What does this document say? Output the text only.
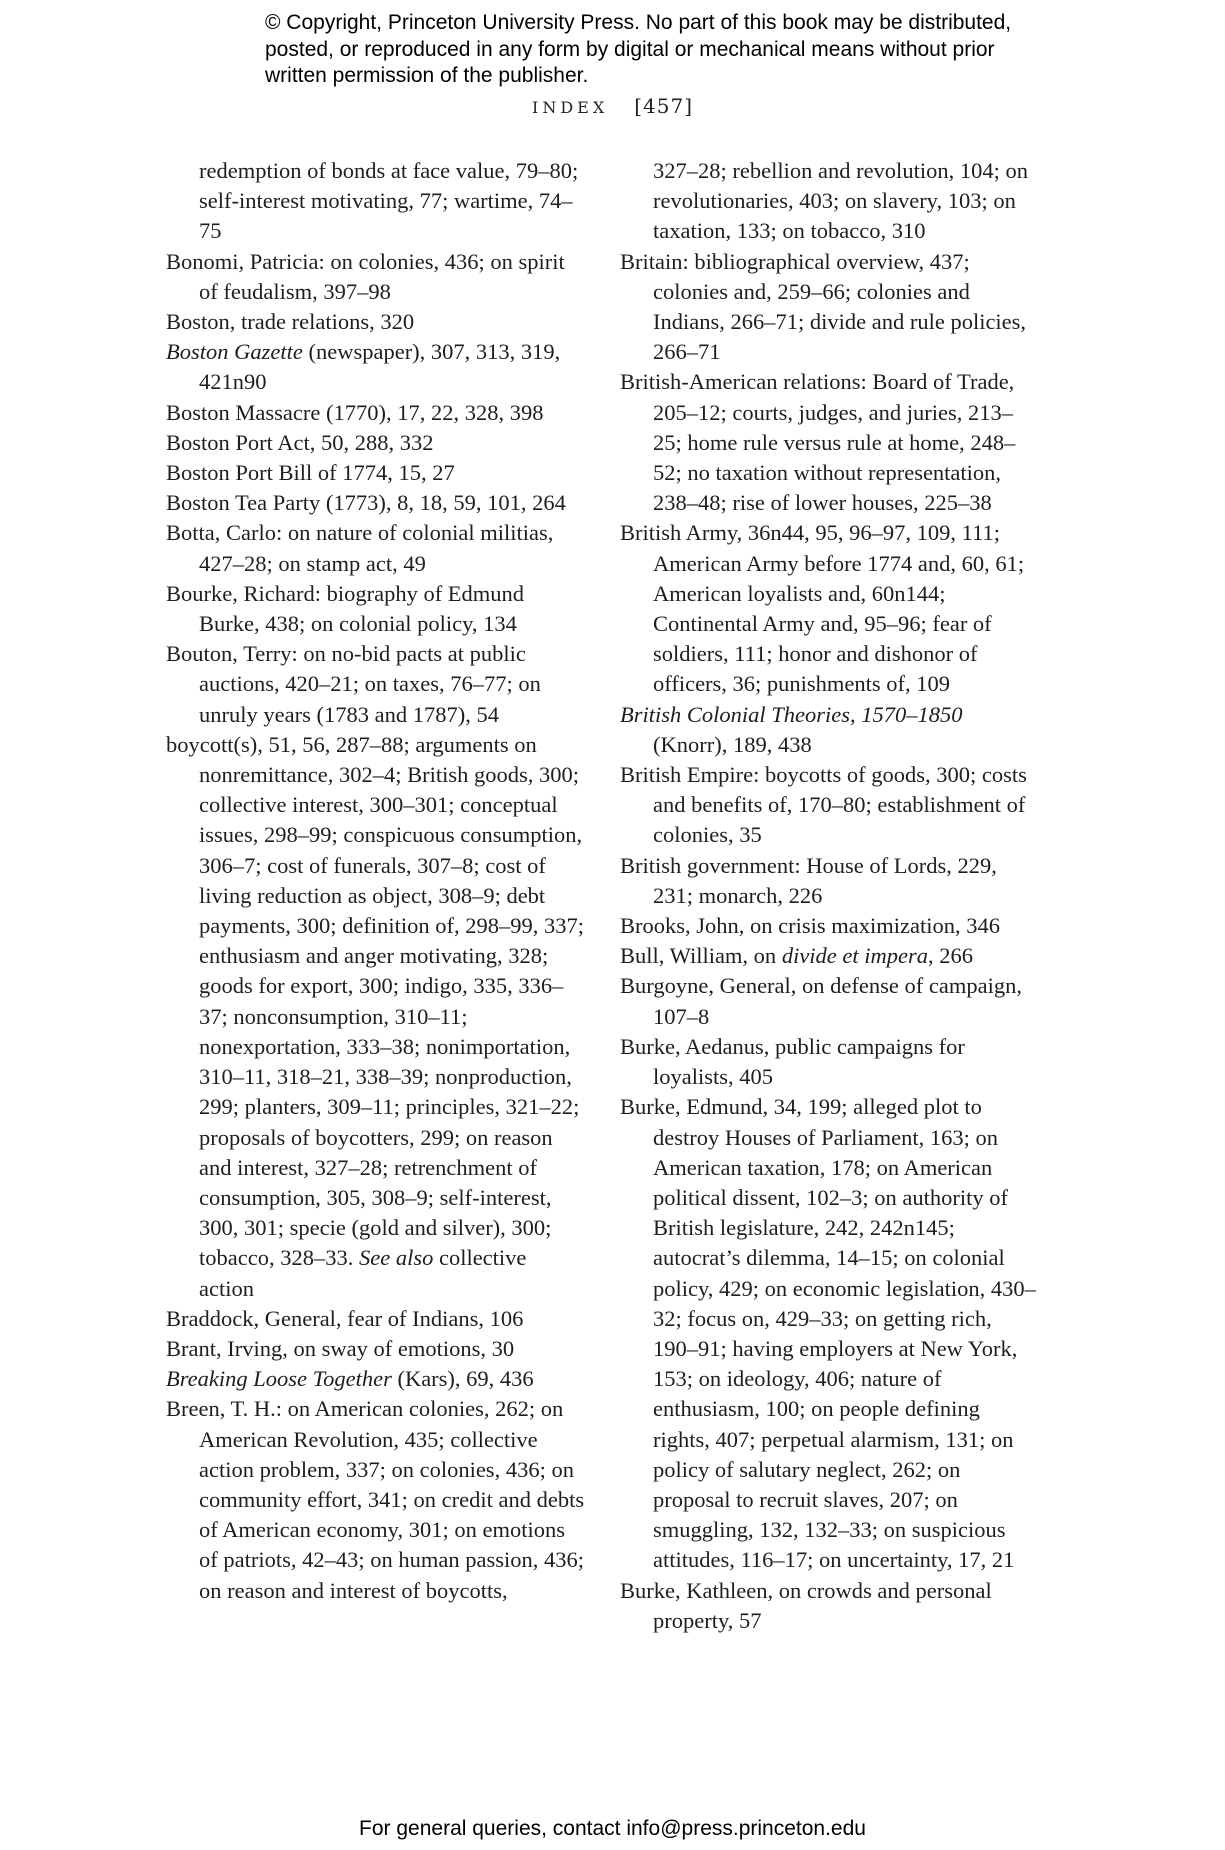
© Copyright, Princeton University Press. No part of this book may be distributed, posted, or reproduced in any form by digital or mechanical means without prior written permission of the publisher.
INDEX [457]

redemption of bonds at face value, 79–80; self-interest motivating, 77; wartime, 74–75

Bonomi, Patricia: on colonies, 436; on spirit of feudalism, 397–98

Boston, trade relations, 320

Boston Gazette (newspaper), 307, 313, 319, 421n90

Boston Massacre (1770), 17, 22, 328, 398

Boston Port Act, 50, 288, 332

Boston Port Bill of 1774, 15, 27

Boston Tea Party (1773), 8, 18, 59, 101, 264

Botta, Carlo: on nature of colonial militias, 427–28; on stamp act, 49

Bourke, Richard: biography of Edmund Burke, 438; on colonial policy, 134

Bouton, Terry: on no-bid pacts at public auctions, 420–21; on taxes, 76–77; on unruly years (1783 and 1787), 54

boycott(s), 51, 56, 287–88; arguments on nonremittance, 302–4; British goods, 300; collective interest, 300–301; conceptual issues, 298–99; conspicuous consumption, 306–7; cost of funerals, 307–8; cost of living reduction as object, 308–9; debt payments, 300; definition of, 298–99, 337; enthusiasm and anger motivating, 328; goods for export, 300; indigo, 335, 336–37; nonconsumption, 310–11; nonexportation, 333–38; nonimportation, 310–11, 318–21, 338–39; nonproduction, 299; planters, 309–11; principles, 321–22; proposals of boycotters, 299; on reason and interest, 327–28; retrenchment of consumption, 305, 308–9; self-interest, 300, 301; specie (gold and silver), 300; tobacco, 328–33. See also collective action

Braddock, General, fear of Indians, 106

Brant, Irving, on sway of emotions, 30

Breaking Loose Together (Kars), 69, 436

Breen, T. H.: on American colonies, 262; on American Revolution, 435; collective action problem, 337; on colonies, 436; on community effort, 341; on credit and debts of American economy, 301; on emotions of patriots, 42–43; on human passion, 436; on reason and interest of boycotts,

327–28; rebellion and revolution, 104; on revolutionaries, 403; on slavery, 103; on taxation, 133; on tobacco, 310

Britain: bibliographical overview, 437; colonies and, 259–66; colonies and Indians, 266–71; divide and rule policies, 266–71

British-American relations: Board of Trade, 205–12; courts, judges, and juries, 213–25; home rule versus rule at home, 248–52; no taxation without representation, 238–48; rise of lower houses, 225–38

British Army, 36n44, 95, 96–97, 109, 111; American Army before 1774 and, 60, 61; American loyalists and, 60n144; Continental Army and, 95–96; fear of soldiers, 111; honor and dishonor of officers, 36; punishments of, 109

British Colonial Theories, 1570–1850 (Knorr), 189, 438

British Empire: boycotts of goods, 300; costs and benefits of, 170–80; establishment of colonies, 35

British government: House of Lords, 229, 231; monarch, 226

Brooks, John, on crisis maximization, 346

Bull, William, on divide et impera, 266

Burgoyne, General, on defense of campaign, 107–8

Burke, Aedanus, public campaigns for loyalists, 405

Burke, Edmund, 34, 199; alleged plot to destroy Houses of Parliament, 163; on American taxation, 178; on American political dissent, 102–3; on authority of British legislature, 242, 242n145; autocrat’s dilemma, 14–15; on colonial policy, 429; on economic legislation, 430–32; focus on, 429–33; on getting rich, 190–91; having employers at New York, 153; on ideology, 406; nature of enthusiasm, 100; on people defining rights, 407; perpetual alarmism, 131; on policy of salutary neglect, 262; on proposal to recruit slaves, 207; on smuggling, 132, 132–33; on suspicious attitudes, 116–17; on uncertainty, 17, 21

Burke, Kathleen, on crowds and personal property, 57

For general queries, contact info@press.princeton.edu
